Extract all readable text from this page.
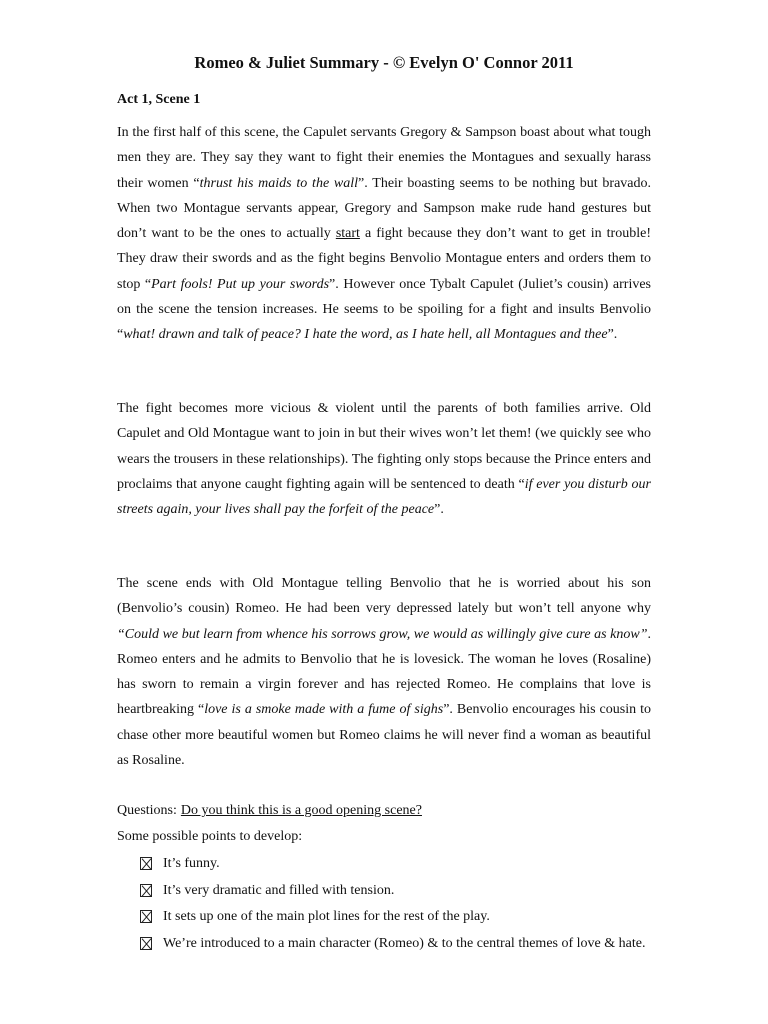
Romeo & Juliet Summary - © Evelyn O' Connor 2011
Act 1, Scene 1
In the first half of this scene, the Capulet servants Gregory & Sampson boast about what tough men they are. They say they want to fight their enemies the Montagues and sexually harass their women “thrust his maids to the wall”. Their boasting seems to be nothing but bravado. When two Montague servants appear, Gregory and Sampson make rude hand gestures but don’t want to be the ones to actually start a fight because they don’t want to get in trouble! They draw their swords and as the fight begins Benvolio Montague enters and orders them to stop “Part fools! Put up your swords”. However once Tybalt Capulet (Juliet’s cousin) arrives on the scene the tension increases. He seems to be spoiling for a fight and insults Benvolio “what! drawn and talk of peace? I hate the word, as I hate hell, all Montagues and thee”.
The fight becomes more vicious & violent until the parents of both families arrive. Old Capulet and Old Montague want to join in but their wives won’t let them! (we quickly see who wears the trousers in these relationships). The fighting only stops because the Prince enters and proclaims that anyone caught fighting again will be sentenced to death “if ever you disturb our streets again, your lives shall pay the forfeit of the peace”.
The scene ends with Old Montague telling Benvolio that he is worried about his son (Benvolio’s cousin) Romeo. He had been very depressed lately but won’t tell anyone why “Could we but learn from whence his sorrows grow, we would as willingly give cure as know”. Romeo enters and he admits to Benvolio that he is lovesick. The woman he loves (Rosaline) has sworn to remain a virgin forever and has rejected Romeo. He complains that love is heartbreaking “love is a smoke made with a fume of sighs”. Benvolio encourages his cousin to chase other more beautiful women but Romeo claims he will never find a woman as beautiful as Rosaline.
Questions: Do you think this is a good opening scene?
Some possible points to develop:
It’s funny.
It’s very dramatic and filled with tension.
It sets up one of the main plot lines for the rest of the play.
We’re introduced to a main character (Romeo) & to the central themes of love & hate.
